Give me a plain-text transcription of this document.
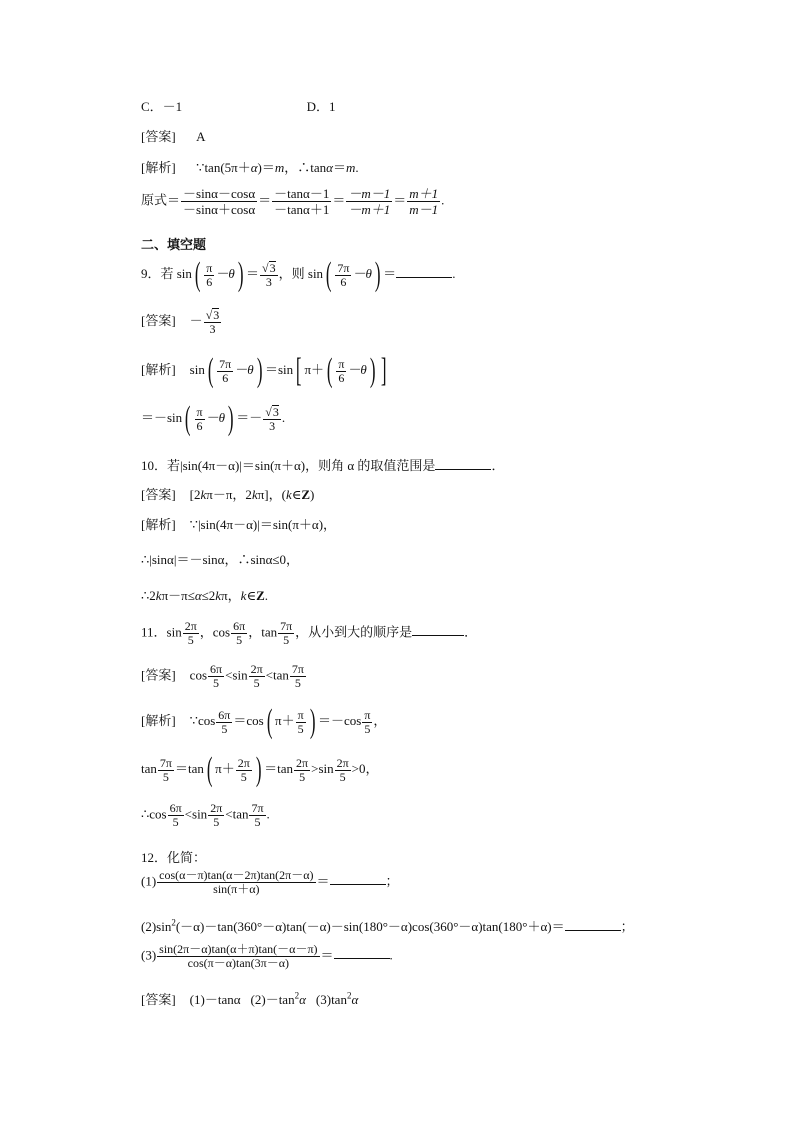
C．－1	D．1
[答案] A
[解析] ∵tan(5π＋α)＝m，∴tanα＝m.
原式＝ $\frac{-\sin\alpha-\cos\alpha}{-\sin\alpha+\cos\alpha} = \frac{-\tan\alpha-1}{-\tan\alpha+1} = \frac{-m-1}{-m+1} = \frac{m+1}{m-1}$ .
二、填空题
9．若 $\sin( \frac{\pi}{6} -\theta) = \frac{√3}{3}$ ，则 $\sin( \frac{7\pi}{6} -\theta)$ ＝	.
[答案] － $\frac{√3}{3}$
[解析] $\sin( \frac{7\pi}{6} -\theta) =\sin$[ $\pi+( \frac{\pi}{6} -\theta)$ ]
$=-\sin( \frac{\pi}{6} -\theta) =- \frac{√3}{3}$ .
10．若|sin(4π－α)|＝sin(π＋α)，则角 α 的取值范围是	．
[答案] [2kπ－π，2kπ]，(k∈Z)
[解析] ∵|sin(4π－α)|＝sin(π＋α)，
∴|sinα|＝－sinα，∴sinα≤0，
∴2kπ－π≤α≤2kπ，k∈Z.
11．$\sin \frac{2\pi}{5}$ ，$\cos \frac{6\pi}{5}$ ，$\tan \frac{7\pi}{5}$ ，从小到大的顺序是	．
[答案] $\cos \frac{6\pi}{5} <\sin \frac{2\pi}{5} <\tan \frac{7\pi}{5}$
[解析] ∵cos $\frac{6\pi}{5} =\cos$( $\pi+ \frac{\pi}{5}$ ) $=-\cos \frac{\pi}{5}$ ，
$\tan \frac{7\pi}{5} =\tan$( $\pi+ \frac{2\pi}{5}$ ) $=\tan \frac{2\pi}{5} >\sin \frac{2\pi}{5} >0$，
∴cos $\frac{6\pi}{5} <\sin \frac{2\pi}{5} <\tan \frac{7\pi}{5}$ .
12．化简：
$(1) \frac{\cos(\alpha-\pi)\tan(\alpha-2\pi)\tan(2\pi-\alpha)}{\sin(\pi+\alpha)}$ ＝	；
$(2)\sin^2(-\alpha)-\tan(360^\circ-\alpha)\tan(-\alpha)-\sin(180^\circ-\alpha)\cos(360^\circ-\alpha)\tan(180^\circ+\alpha)=$	；
$(3) \frac{\sin(2\pi-\alpha)\tan(\alpha+\pi)\tan(-\alpha-\pi)}{\cos(\pi-\alpha)\tan(3\pi-\alpha)}$ ＝	.
[答案] (1)－tanα $(2)-\tan^2\alpha$ $(3)\tan^2\alpha$
